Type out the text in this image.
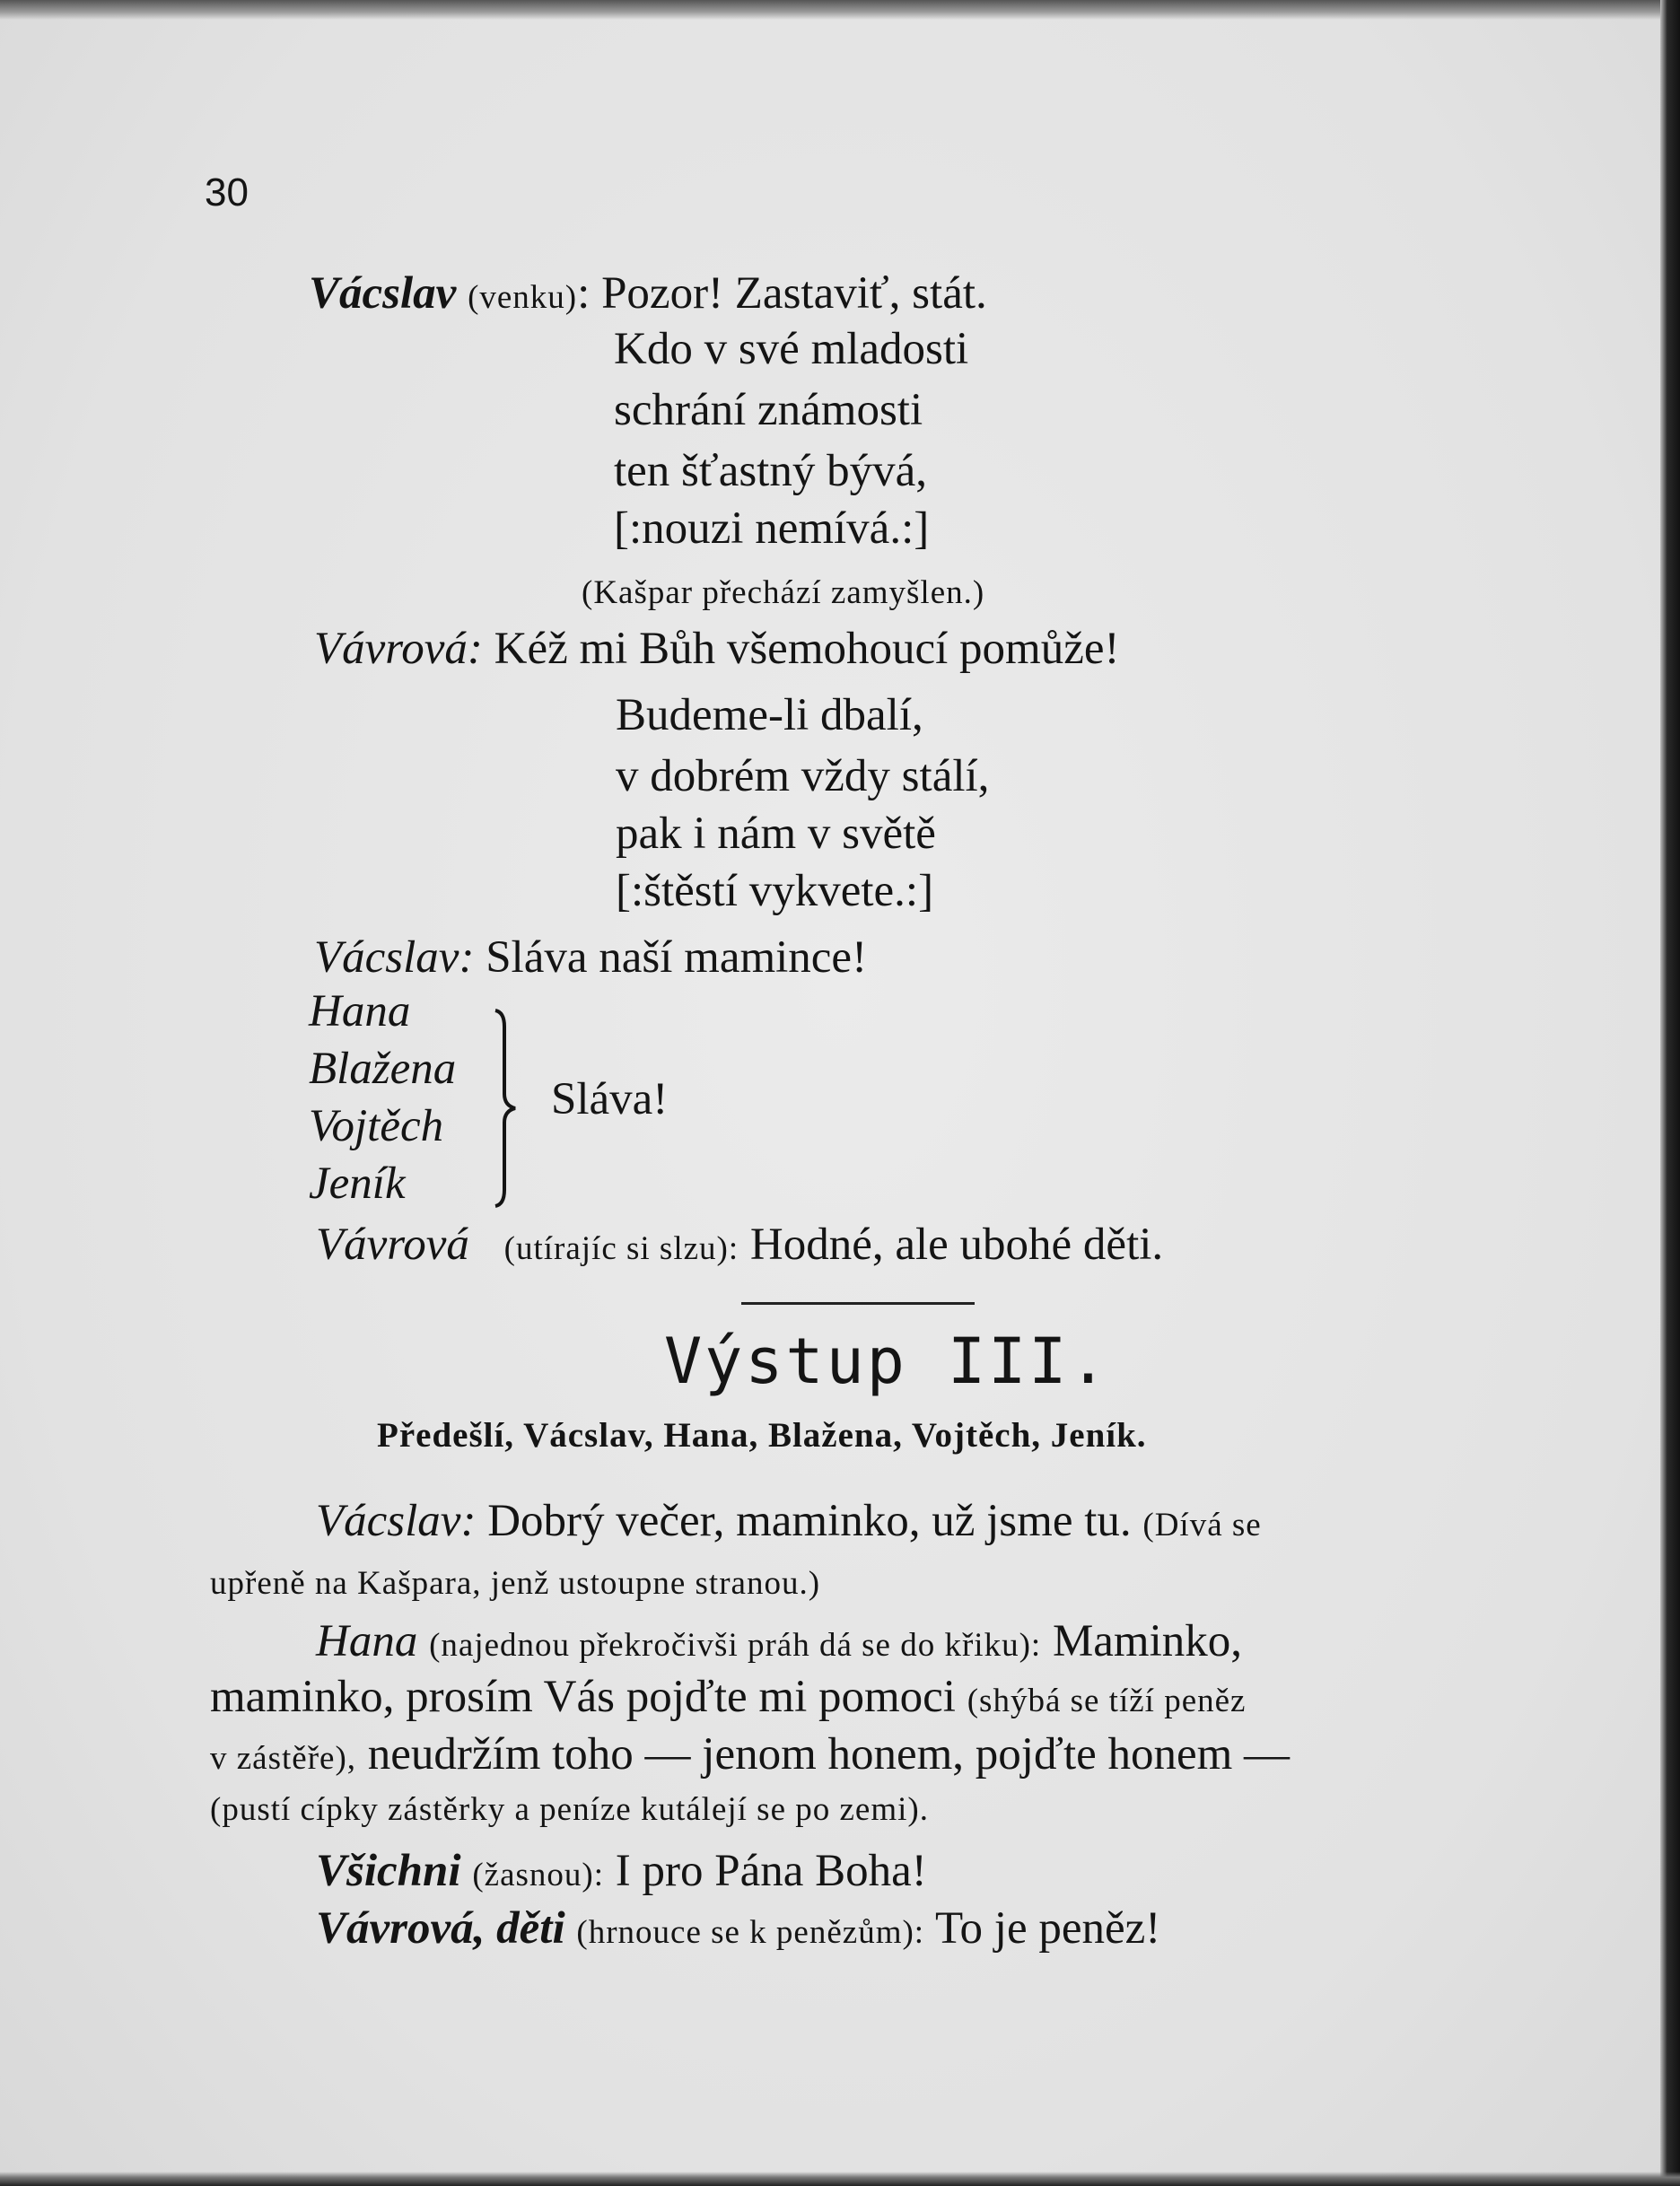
30
Vácslav (venku): Pozor! Zastaviť, stát.
Kdo v své mladosti
schrání známosti
ten šťastný bývá,
[:nouzi nemívá.:]
(Kašpar přechází zamyšlen.)
Vávrová: Kéž mi Bůh všemohoucí pomůže!
Budeme-li dbalí,
v dobrém vždy stálí,
pak i nám v světě
[:štěstí vykvete.:]
Vácslav: Sláva naší mamince!
Hana
Blažena
Vojtěch
Jeník
Sláva!
Vávrová (utírajíc si slzu): Hodné, ale ubohé děti.
Výstup III.
Předešlí, Vácslav, Hana, Blažena, Vojtěch, Jeník.
Vácslav: Dobrý večer, maminko, už jsme tu. (Dívá se
upřeně na Kašpara, jenž ustoupne stranou.)
Hana (najednou překročivši práh dá se do křiku): Maminko,
maminko, prosím Vás pojďte mi pomoci (shýbá se tíží peněz
v zástěře), neudržím toho — jenom honem, pojďte honem —
(pustí cípky zástěrky a peníze kutálejí se po zemi).
Všichni (žasnou): I pro Pána Boha!
Vávrová, děti (hrnouce se k penězům): To je peněz!
